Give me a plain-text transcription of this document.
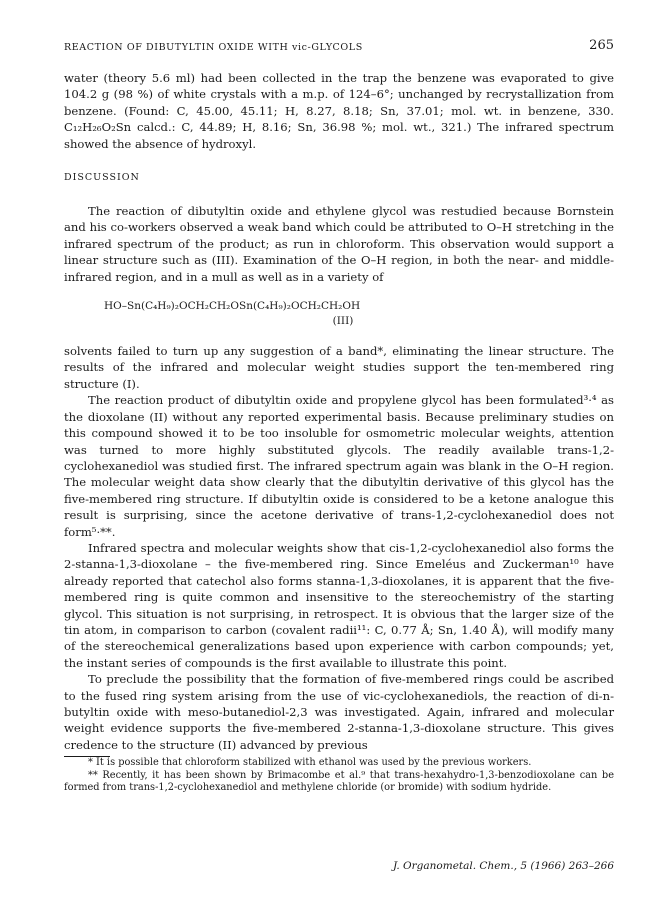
REACTION OF DIBUTYLTIN OXIDE WITH vic-GLYCOLS	265

water (theory 5.6 ml) had been collected in the trap the benzene was evaporated to give 104.2 g (98 %) of white crystals with a m.p. of 124–6°; unchanged by recrystallization from benzene. (Found: C, 45.00, 45.11; H, 8.27, 8.18; Sn, 37.01; mol. wt. in benzene, 330. C₁₂H₂₆O₂Sn calcd.: C, 44.89; H, 8.16; Sn, 36.98 %; mol. wt., 321.) The infrared spectrum showed the absence of hydroxyl.

DISCUSSION

The reaction of dibutyltin oxide and ethylene glycol was restudied because Bornstein and his co-workers observed a weak band which could be attributed to O–H stretching in the infrared spectrum of the product; as run in chloroform. This observation would support a linear structure such as (III). Examination of the O–H region, in both the near- and middle-infrared region, and in a mull as well as in a variety of

HO–Sn(C₄H₉)₂OCH₂CH₂OSn(C₄H₉)₂OCH₂CH₂OH
(III)

solvents failed to turn up any suggestion of a band*, eliminating the linear structure. The results of the infrared and molecular weight studies support the ten-membered ring structure (I).

The reaction product of dibutyltin oxide and propylene glycol has been formulated³·⁴ as the dioxolane (II) without any reported experimental basis. Because preliminary studies on this compound showed it to be too insoluble for osmometric molecular weights, attention was turned to more highly substituted glycols. The readily available trans-1,2-cyclohexanediol was studied first. The infrared spectrum again was blank in the O–H region. The molecular weight data show clearly that the dibutyltin derivative of this glycol has the five-membered ring structure. If dibutyltin oxide is considered to be a ketone analogue this result is surprising, since the acetone derivative of trans-1,2-cyclohexanediol does not form⁵·**.

Infrared spectra and molecular weights show that cis-1,2-cyclohexanediol also forms the 2-stanna-1,3-dioxolane – the five-membered ring. Since Emeléus and Zuckerman¹⁰ have already reported that catechol also forms stanna-1,3-dioxolanes, it is apparent that the five-membered ring is quite common and insensitive to the stereochemistry of the starting glycol. This situation is not surprising, in retrospect. It is obvious that the larger size of the tin atom, in comparison to carbon (covalent radii¹¹: C, 0.77 Å; Sn, 1.40 Å), will modify many of the stereochemical generalizations based upon experience with carbon compounds; yet, the instant series of compounds is the first available to illustrate this point.

To preclude the possibility that the formation of five-membered rings could be ascribed to the fused ring system arising from the use of vic-cyclohexanediols, the reaction of di-n-butyltin oxide with meso-butanediol-2,3 was investigated. Again, infrared and molecular weight evidence supports the five-membered 2-stanna-1,3-dioxolane structure. This gives credence to the structure (II) advanced by previous

* It is possible that chloroform stabilized with ethanol was used by the previous workers.

** Recently, it has been shown by Brimacombe et al.⁹ that trans-hexahydro-1,3-benzodioxolane can be formed from trans-1,2-cyclohexanediol and methylene chloride (or bromide) with sodium hydride.

J. Organometal. Chem., 5 (1966) 263–266
